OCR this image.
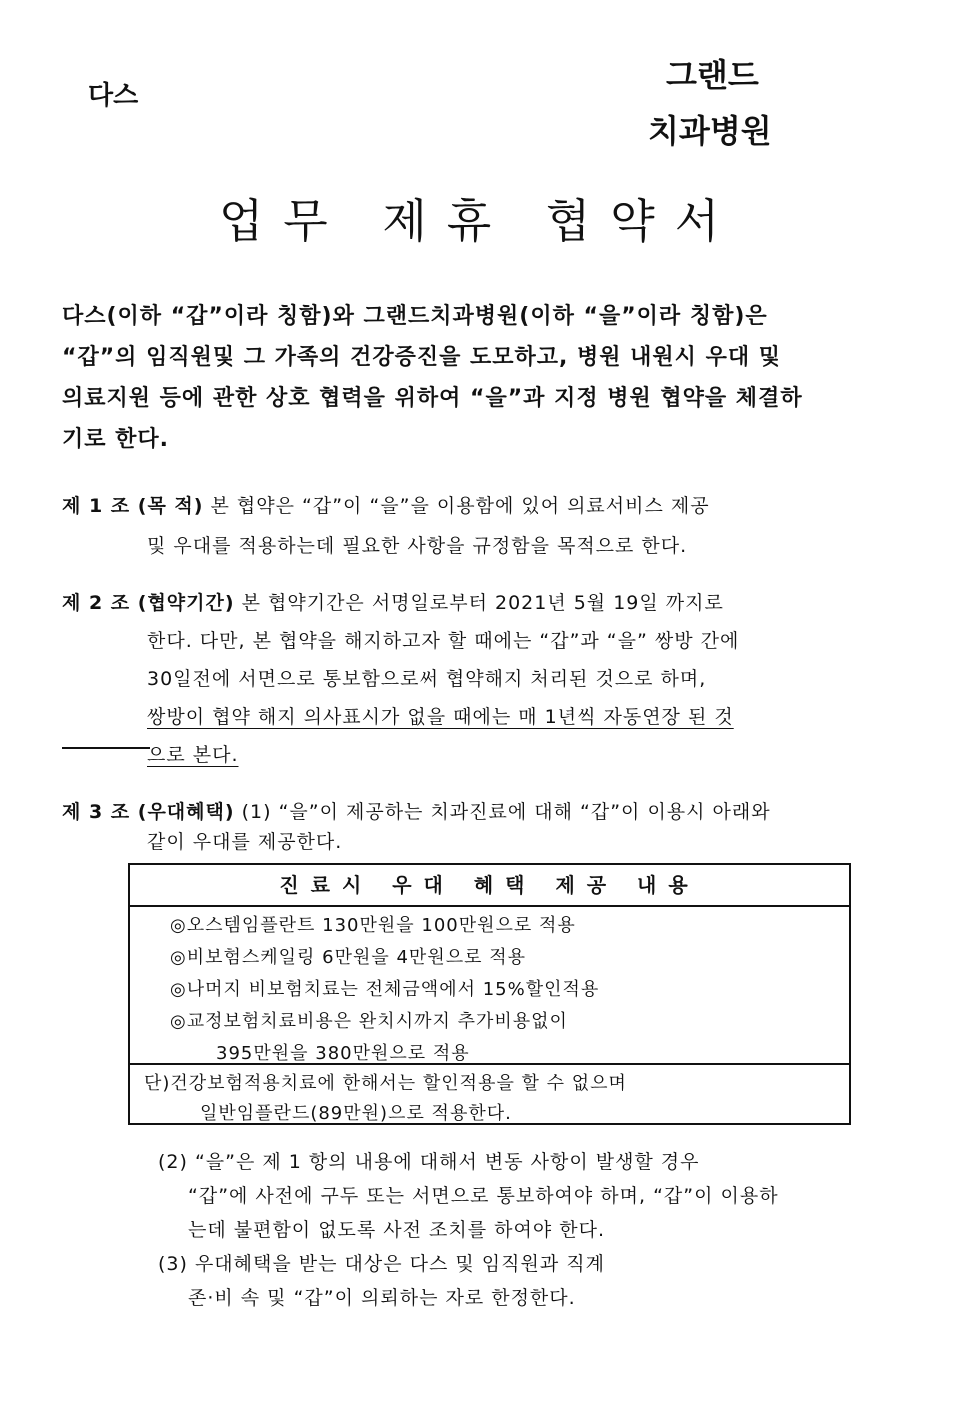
다스
그랜드
치과병원
업무 제휴 협약서

다스(이하 “갑”이라 칭함)와 그랜드치과병원(이하 “을”이라 칭함)은

“갑”의 임직원및 그 가족의 건강증진을 도모하고, 병원 내원시 우대 및

의료지원 등에 관한 상호 협력을 위하여 “을”과 지정 병원 협약을 체결하

기로 한다.

제 1 조 (목 적) 본 협약은 “갑”이 “을”을 이용함에 있어 의료서비스 제공
및 우대를 적용하는데 필요한 사항을 규정함을 목적으로 한다.
제 2 조 (협약기간) 본 협약기간은 서명일로부터 2021년 5월 19일 까지로
한다. 다만, 본 협약을 해지하고자 할 때에는 “갑”과 “을” 쌍방 간에
30일전에 서면으로 통보함으로써 협약해지 처리된 것으로 하며,
쌍방이 협약 해지 의사표시가 없을 때에는 매 1년씩 자동연장 된 것
으로 본다.
제 3 조 (우대혜택) (1) “을”이 제공하는 치과진료에 대해 “갑”이 이용시 아래와
같이 우대를 제공한다.
진료시 우대 혜택 제공 내용
◎오스템임플란트 130만원을 100만원으로 적용
◎비보험스케일링 6만원을 4만원으로 적용
◎나머지 비보험치료는 전체금액에서 15%할인적용
◎교정보험치료비용은 완치시까지 추가비용없이
395만원을 380만원으로 적용
단)건강보험적용치료에 한해서는 할인적용을 할 수 없으며
일반임플란드(89만원)으로 적용한다.
(2) “을”은 제 1 항의 내용에 대해서 변동 사항이 발생할 경우
“갑”에 사전에 구두 또는 서면으로 통보하여야 하며, “갑”이 이용하
는데 불편함이 없도록 사전 조치를 하여야 한다.
(3) 우대혜택을 받는 대상은 다스 및 임직원과 직계
존·비 속 및 “갑”이 의뢰하는 자로 한정한다.
